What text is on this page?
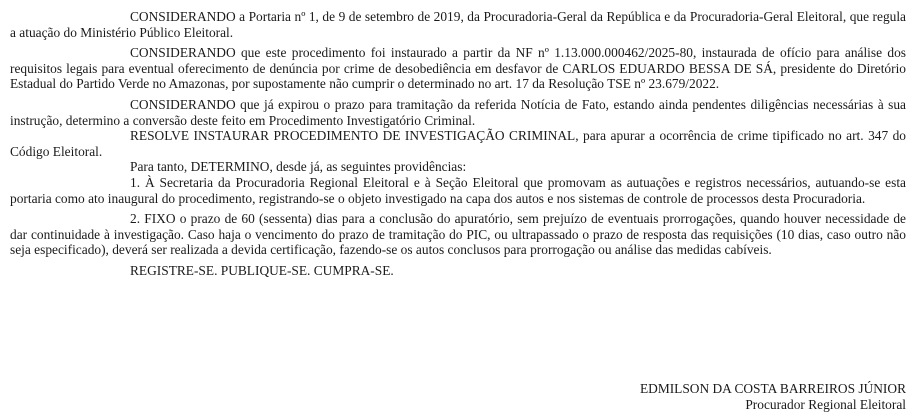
CONSIDERANDO a Portaria nº 1, de 9 de setembro de 2019, da Procuradoria-Geral da República e da Procuradoria-Geral Eleitoral, que regula a atuação do Ministério Público Eleitoral.

CONSIDERANDO que este procedimento foi instaurado a partir da NF nº 1.13.000.000462/2025-80, instaurada de ofício para análise dos requisitos legais para eventual oferecimento de denúncia por crime de desobediência em desfavor de CARLOS EDUARDO BESSA DE SÁ, presidente do Diretório Estadual do Partido Verde no Amazonas, por supostamente não cumprir o determinado no art. 17 da Resolução TSE nº 23.679/2022.

CONSIDERANDO que já expirou o prazo para tramitação da referida Notícia de Fato, estando ainda pendentes diligências necessárias à sua instrução, determino a conversão deste feito em Procedimento Investigatório Criminal.

RESOLVE INSTAURAR PROCEDIMENTO DE INVESTIGAÇÃO CRIMINAL, para apurar a ocorrência de crime tipificado no art. 347 do Código Eleitoral.

Para tanto, DETERMINO, desde já, as seguintes providências:

1. À Secretaria da Procuradoria Regional Eleitoral e à Seção Eleitoral que promovam as autuações e registros necessários, autuando-se esta portaria como ato inaugural do procedimento, registrando-se o objeto investigado na capa dos autos e nos sistemas de controle de processos desta Procuradoria.

2. FIXO o prazo de 60 (sessenta) dias para a conclusão do apuratório, sem prejuízo de eventuais prorrogações, quando houver necessidade de dar continuidade à investigação. Caso haja o vencimento do prazo de tramitação do PIC, ou ultrapassado o prazo de resposta das requisições (10 dias, caso outro não seja especificado), deverá ser realizada a devida certificação, fazendo-se os autos conclusos para prorrogação ou análise das medidas cabíveis.

REGISTRE-SE. PUBLIQUE-SE. CUMPRA-SE.

EDMILSON DA COSTA BARREIROS JÚNIOR

Procurador Regional Eleitoral
